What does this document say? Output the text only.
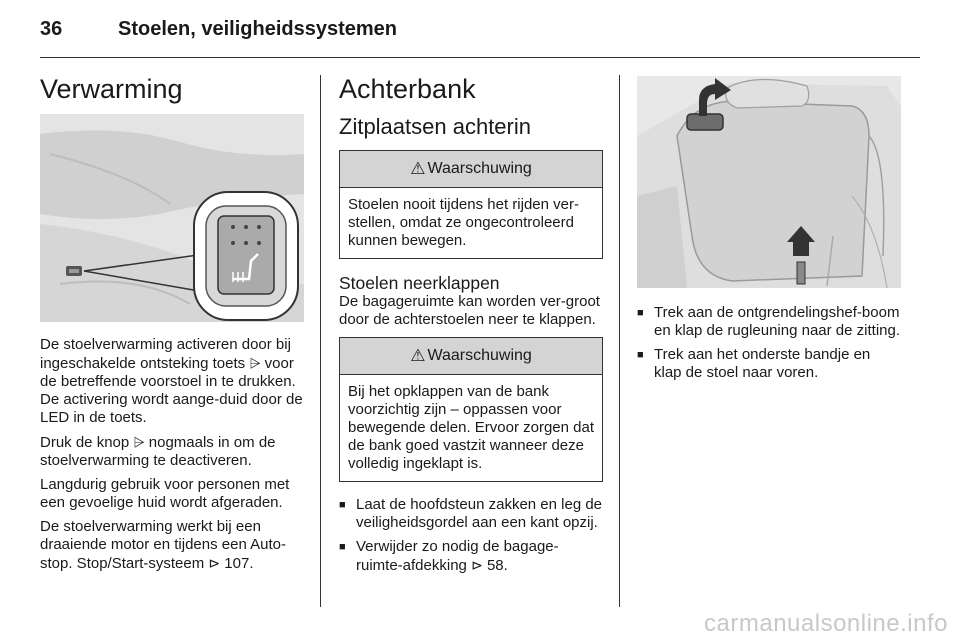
36	Stoelen, veiligheidssystemen
Verwarming

De stoelverwarming activeren door bij ingeschakelde ontsteking toets ⩥ voor de betreffende voorstoel in te drukken. De activering wordt aange-duid door de LED in de toets.

Druk de knop ⩥ nogmaals in om de stoelverwarming te deactiveren.

Langdurig gebruik voor personen met een gevoelige huid wordt afgeraden.

De stoelverwarming werkt bij een draaiende motor en tijdens een Auto-stop. Stop/Start-systeem ⊳ 107.

Achterbank
Zitplaatsen achterin
⚠ Waarschuwing
Stoelen nooit tijdens het rijden ver-stellen, omdat ze ongecontroleerd kunnen bewegen.
Stoelen neerklappen

De bagageruimte kan worden ver-groot door de achterstoelen neer te klappen.

⚠ Waarschuwing
Bij het opklappen van de bank voorzichtig zijn – oppassen voor bewegende delen. Ervoor zorgen dat de bank goed vastzit wanneer deze volledig ingeklapt is.
■ Laat de hoofdsteun zakken en leg de veiligheidsgordel aan een kant opzij.
■ Verwijder zo nodig de bagage-ruimte-afdekking ⊳ 58.
■ Trek aan de ontgrendelingshef-boom en klap de rugleuning naar de zitting.
■ Trek aan het onderste bandje en klap de stoel naar voren.
carmanualsonline.info
